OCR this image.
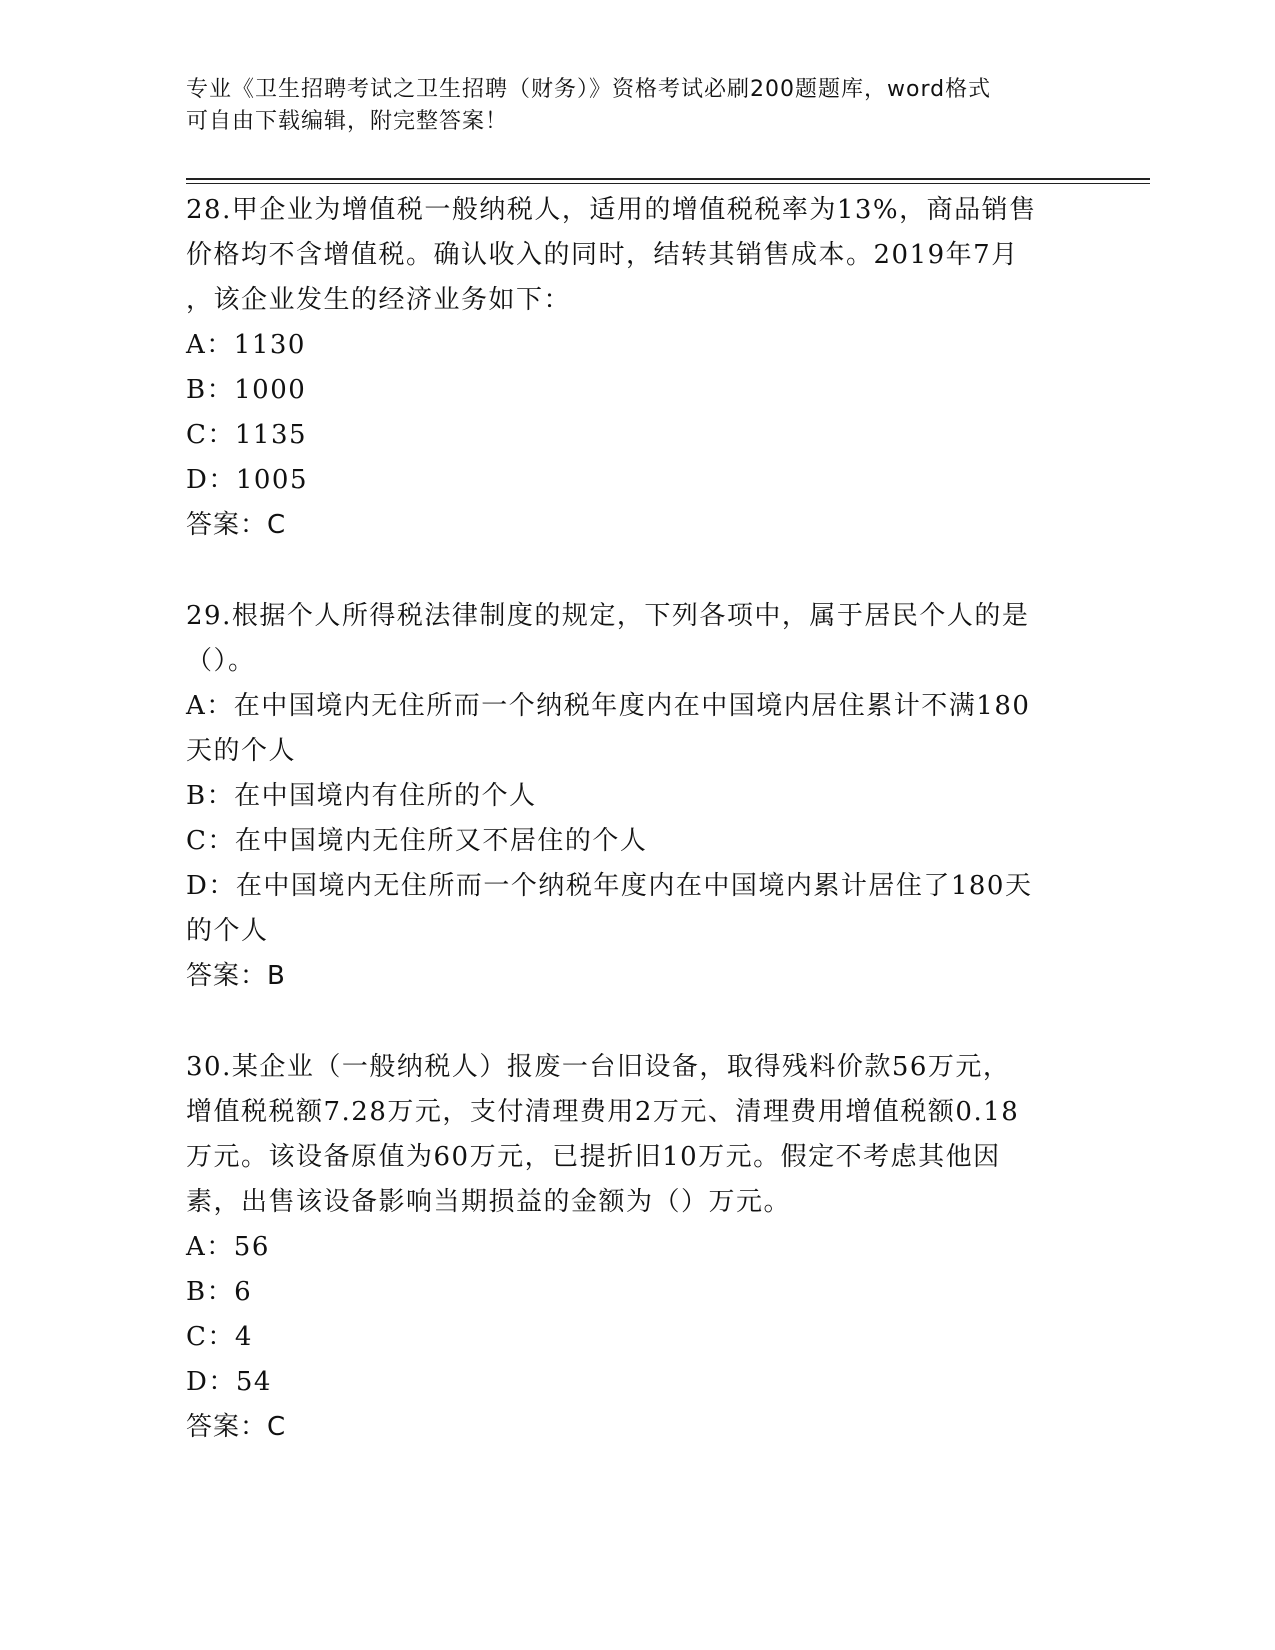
专业《卫生招聘考试之卫生招聘（财务）》资格考试必刷200题题库，word格式
可自由下载编辑，附完整答案！
28.甲企业为增值税一般纳税人，适用的增值税税率为13%，商品销售
价格均不含增值税。确认收入的同时，结转其销售成本。2019年7月
，该企业发生的经济业务如下：
A：1130
B：1000
C：1135
D：1005
答案：C
29.根据个人所得税法律制度的规定，下列各项中，属于居民个人的是
（）。
A：在中国境内无住所而一个纳税年度内在中国境内居住累计不满180
天的个人
B：在中国境内有住所的个人
C：在中国境内无住所又不居住的个人
D：在中国境内无住所而一个纳税年度内在中国境内累计居住了180天
的个人
答案：B
30.某企业（一般纳税人）报废一台旧设备，取得残料价款56万元，
增值税税额7.28万元，支付清理费用2万元、清理费用增值税额0.18
万元。该设备原值为60万元，已提折旧10万元。假定不考虑其他因
素，出售该设备影响当期损益的金额为（）万元。
A：56
B：6
C：4
D：54
答案：C
